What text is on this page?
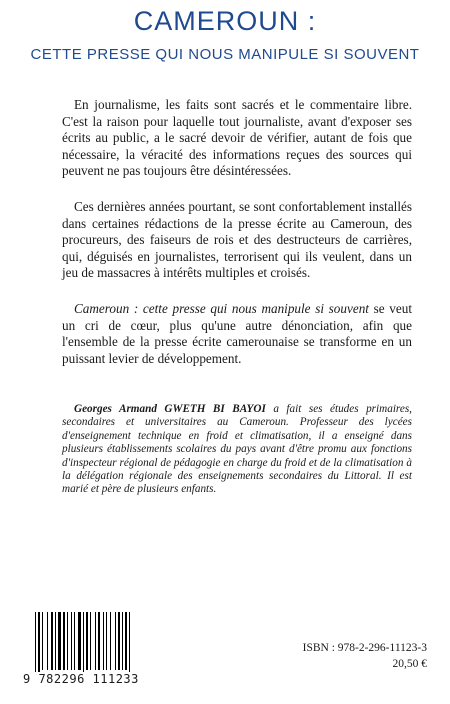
CAMEROUN :
CETTE PRESSE QUI NOUS MANIPULE SI SOUVENT

En journalisme, les faits sont sacrés et le commentaire libre. C'est la raison pour laquelle tout journaliste, avant d'exposer ses écrits au public, a le sacré devoir de vérifier, autant de fois que nécessaire, la véracité des informations reçues des sources qui peuvent ne pas toujours être désintéressées.

Ces dernières années pourtant, se sont confortablement installés dans certaines rédactions de la presse écrite au Cameroun, des procureurs, des faiseurs de rois et des destructeurs de carrières, qui, déguisés en journalistes, terrorisent qui ils veulent, dans un jeu de massacres à intérêts multiples et croisés.

Cameroun : cette presse qui nous manipule si souvent se veut un cri de cœur, plus qu'une autre dénonciation, afin que l'ensemble de la presse écrite camerounaise se transforme en un puissant levier de développement.

Georges Armand GWETH BI BAYOI a fait ses études primaires, secondaires et universitaires au Cameroun. Professeur des lycées d'enseignement technique en froid et climatisation, il a enseigné dans plusieurs établissements scolaires du pays avant d'être promu aux fonctions d'inspecteur régional de pédagogie en charge du froid et de la climatisation à la délégation régionale des enseignements secondaires du Littoral. Il est marié et père de plusieurs enfants.
9 782296 111233
ISBN : 978-2-296-11123-3
20,50 €
